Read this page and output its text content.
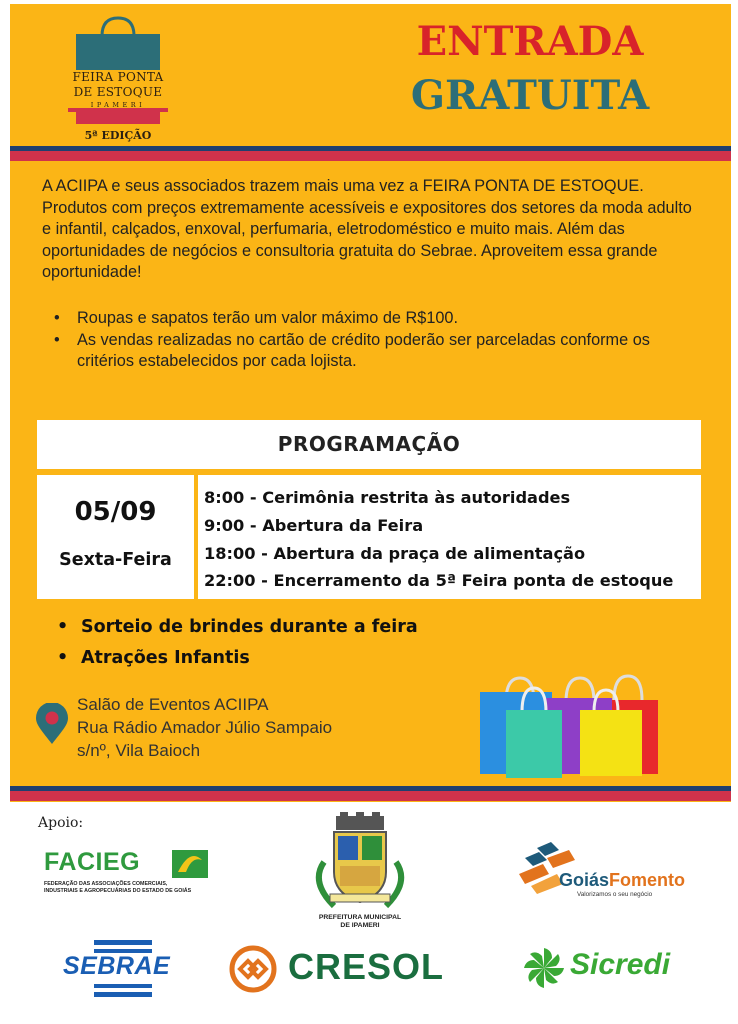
FEIRA PONTA
DE ESTOQUE
IPAMERI
5ª EDIÇÃO
ENTRADA
GRATUITA

A ACIIPA e seus associados trazem mais uma vez a FEIRA PONTA DE ESTOQUE. Produtos com preços extremamente acessíveis e expositores dos setores da moda adulto e infantil, calçados, enxoval, perfumaria, eletrodoméstico e muito mais. Além das oportunidades de negócios e consultoria gratuita do Sebrae. Aproveitem essa grande oportunidade!

• Roupas e sapatos terão um valor máximo de R$100.
• As vendas realizadas no cartão de crédito poderão ser parceladas conforme os critérios estabelecidos por cada lojista.
PROGRAMAÇÃO
05/09
Sexta-Feira
8:00 - Cerimônia restrita às autoridades
9:00 - Abertura da Feira
18:00 - Abertura da praça de alimentação
22:00 - Encerramento da 5ª Feira ponta de estoque
• Sorteio de brindes durante a feira
• Atrações Infantis
Salão de Eventos ACIIPA
Rua Rádio Amador Júlio Sampaio
s/nº, Vila Baioch
Apoio:
FACIEG
FEDERAÇÃO DAS ASSOCIAÇÕES COMERCIAIS,
INDUSTRIAIS E AGROPECUÁRIAS DO ESTADO DE GOIÁS
PREFEITURA MUNICIPAL
DE IPAMERI
GoiásFomento
Valorizamos o seu negócio
SEBRAE	CRESOL	Sicredi
